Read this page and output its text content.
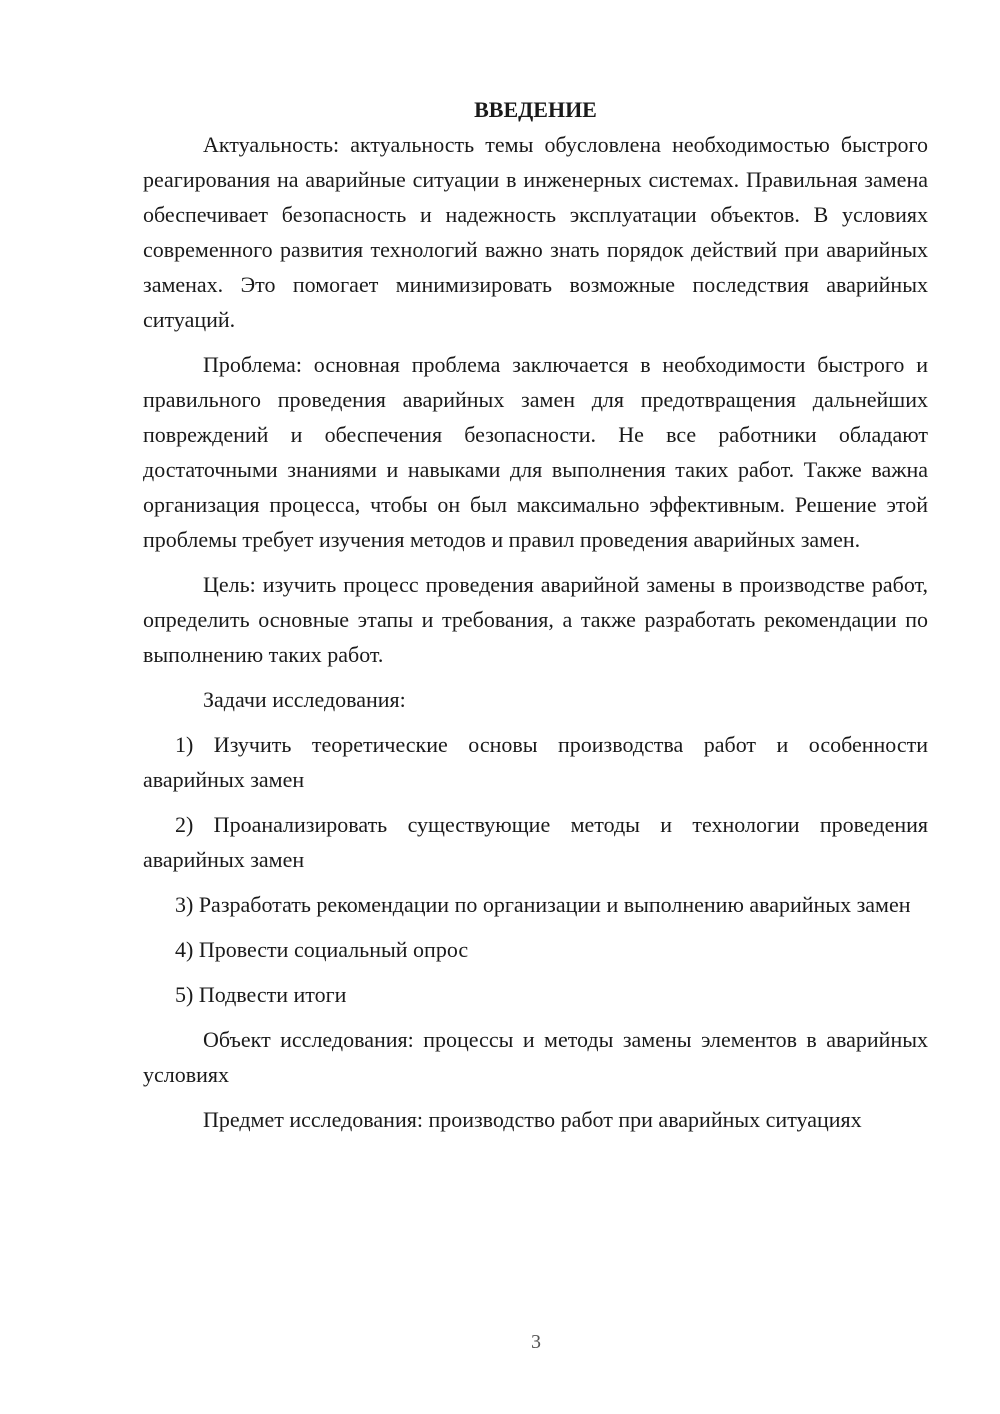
ВВЕДЕНИЕ

Актуальность: актуальность темы обусловлена необходимостью быстрого реагирования на аварийные ситуации в инженерных системах. Правильная замена обеспечивает безопасность и надежность эксплуатации объектов. В условиях современного развития технологий важно знать порядок действий при аварийных заменах. Это помогает минимизировать возможные последствия аварийных ситуаций.

Проблема: основная проблема заключается в необходимости быстрого и правильного проведения аварийных замен для предотвращения дальнейших повреждений и обеспечения безопасности. Не все работники обладают достаточными знаниями и навыками для выполнения таких работ. Также важна организация процесса, чтобы он был максимально эффективным. Решение этой проблемы требует изучения методов и правил проведения аварийных замен.

Цель: изучить процесс проведения аварийной замены в производстве работ, определить основные этапы и требования, а также разработать рекомендации по выполнению таких работ.

Задачи исследования:

1) Изучить теоретические основы производства работ и особенности аварийных замен

2) Проанализировать существующие методы и технологии проведения аварийных замен

3) Разработать рекомендации по организации и выполнению аварийных замен

4) Провести социальный опрос

5) Подвести итоги

Объект исследования: процессы и методы замены элементов в аварийных условиях

Предмет исследования: производство работ при аварийных ситуациях

3
